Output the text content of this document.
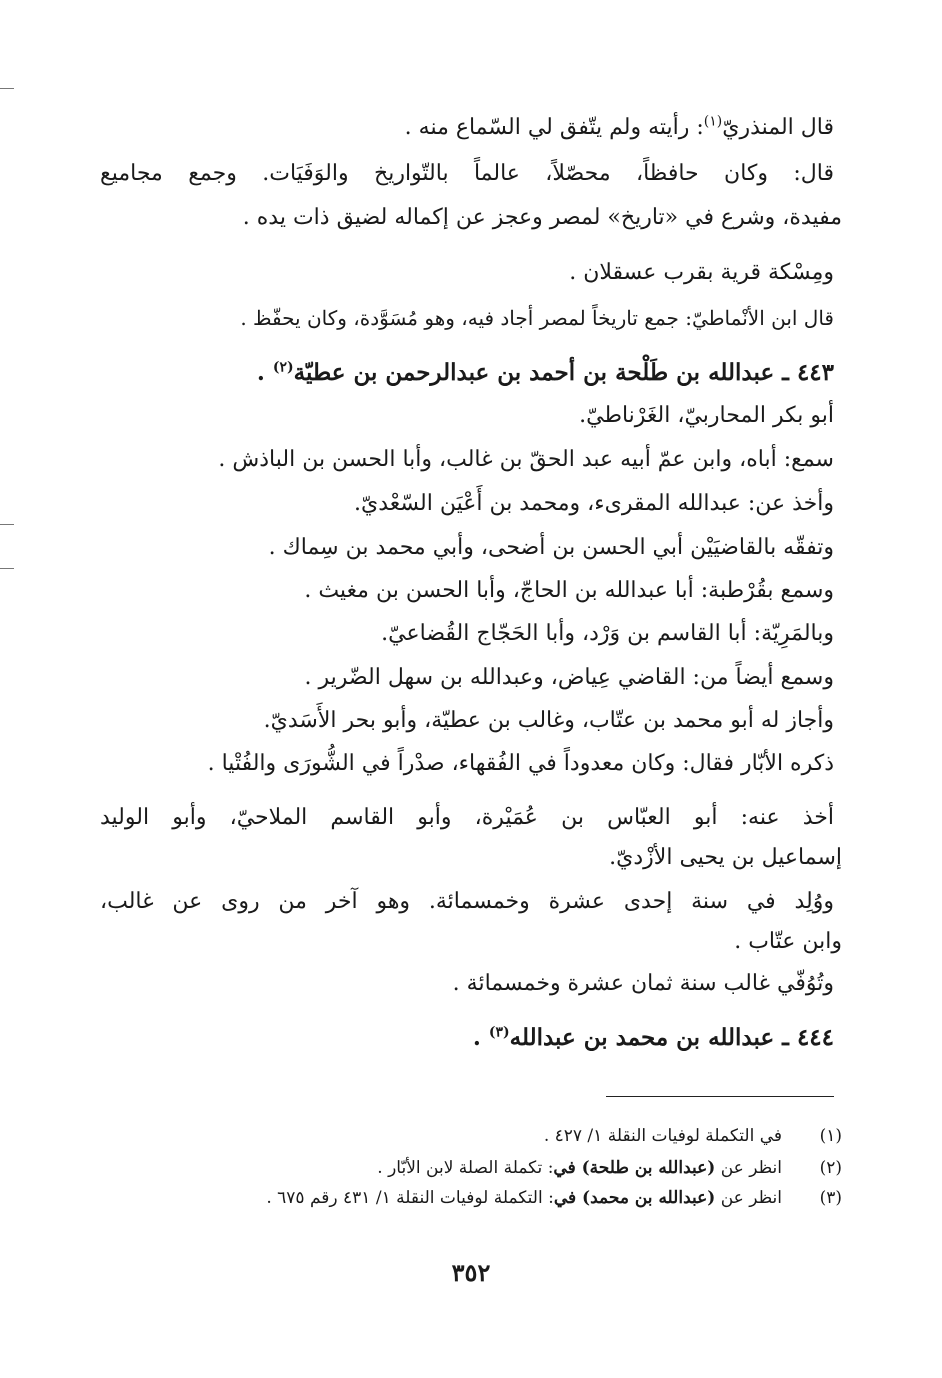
قال المنذريّ$^{(١)}$: رأيته ولم يتّفق لي السّماع منه .
قال: وكان حافظاً، محصّلاً، عالماً بالتّواريخ والوَفَيَات. وجمع مجاميع
مفيدة، وشرع في «تاريخ» لمصر وعجز عن إكماله لضيق ذات يده .
ومِسْكة قرية بقرب عسقلان .
قال ابن الأنْماطيّ: جمع تاريخاً لمصر أجاد فيه، وهو مُسَوَّدة، وكان يحفّظ .
٤٤٣ ـ عبدالله بن طَلْحة بن أحمد بن عبدالرحمن بن عطيّة$^{(٢)}$ .
أبو بكر المحاربيّ، الغَرْناطيّ.
سمع: أباه، وابن عمّ أبيه عبد الحقّ بن غالب، وأبا الحسن بن الباذش .
وأخذ عن: عبدالله المقرىء، ومحمد بن أَعْيَن السّعْديّ.
وتفقّه بالقاضيَيْن أبي الحسن بن أضحى، وأبي محمد بن سِماك .
وسمع بقُرْطبة: أبا عبدالله بن الحاجّ، وأبا الحسن بن مغيث .
وبالمَرِيّة: أبا القاسم بن وَرْد، وأبا الحَجّاج القُضاعيّ.
وسمع أيضاً من: القاضي عِياض، وعبدالله بن سهل الضّرير .
وأجاز له أبو محمد بن عتّاب، وغالب بن عطيّة، وأبو بحر الأَسَديّ.
ذكره الأبّار فقال: وكان معدوداً في الفُقهاء، صدْراً في الشُّورَى والفُتْيا .
أخذ عنه: أبو العبّاس بن عُمَيْرة، وأبو القاسم الملاحيّ، وأبو الوليد
إسماعيل بن يحيى الأزْديّ.
ووُلِد في سنة إحدى عشرة وخمسمائة. وهو آخر من روى عن غالب،
وابن عتّاب .
وتُوُفّي غالب سنة ثمان عشرة وخمسمائة .
٤٤٤ ـ عبدالله بن محمد بن عبدالله$^{(٣)}$ .
(١)في التكملة لوفيات النقلة ١/ ٤٢٧ .
(٢)انظر عن (عبدالله بن طلحة) في: تكملة الصلة لابن الأبّار .
(٣)انظر عن (عبدالله بن محمد) في: التكملة لوفيات النقلة ١/ ٤٣١ رقم ٦٧٥ .
٣٥٢
